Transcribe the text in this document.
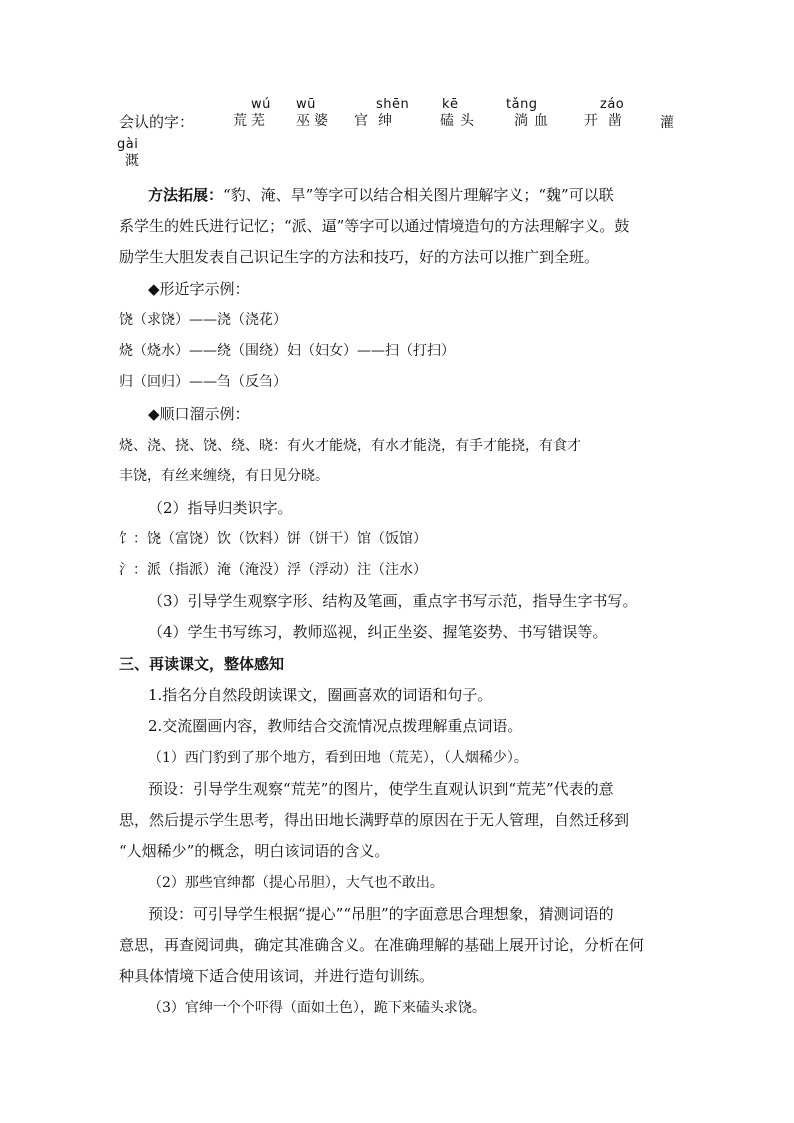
会认的字：
wú
荒芜
wū
巫婆
shēn
官绅
kē
磕头
tǎng
淌血
záo
开凿	灌
gài
溉
方法拓展：“豹、淹、旱”等字可以结合相关图片理解字义；“魏”可以联
系学生的姓氏进行记忆；“派、逼”等字可以通过情境造句的方法理解字义。鼓
励学生大胆发表自己识记生字的方法和技巧，好的方法可以推广到全班。
◆形近字示例：
饶（求饶）——浇（浇花）
烧（烧水）——绕（围绕）妇（妇女）——扫（打扫）
归（回归）——刍（反刍）
◆顺口溜示例：
烧、浇、挠、饶、绕、晓：有火才能烧，有水才能浇，有手才能挠，有食才
丰饶，有丝来缠绕，有日见分晓。
（2）指导归类识字。
饣：饶（富饶）饮（饮料）饼（饼干）馆（饭馆）
氵：派（指派）淹（淹没）浮（浮动）注（注水）
（3）引导学生观察字形、结构及笔画，重点字书写示范，指导生字书写。
（4）学生书写练习，教师巡视，纠正坐姿、握笔姿势、书写错误等。
三、再读课文，整体感知
1.指名分自然段朗读课文，圈画喜欢的词语和句子。
2.交流圈画内容，教师结合交流情况点拨理解重点词语。
（1）西门豹到了那个地方，看到田地（荒芜），（人烟稀少）。
预设：引导学生观察“荒芜”的图片，使学生直观认识到“荒芜”代表的意
思，然后提示学生思考，得出田地长满野草的原因在于无人管理，自然迁移到
“人烟稀少”的概念，明白该词语的含义。
（2）那些官绅都（提心吊胆），大气也不敢出。
预设：可引导学生根据“提心”“吊胆”的字面意思合理想象，猜测词语的
意思，再查阅词典，确定其准确含义。在准确理解的基础上展开讨论，分析在何
种具体情境下适合使用该词，并进行造句训练。
（3）官绅一个个吓得（面如土色），跪下来磕头求饶。
